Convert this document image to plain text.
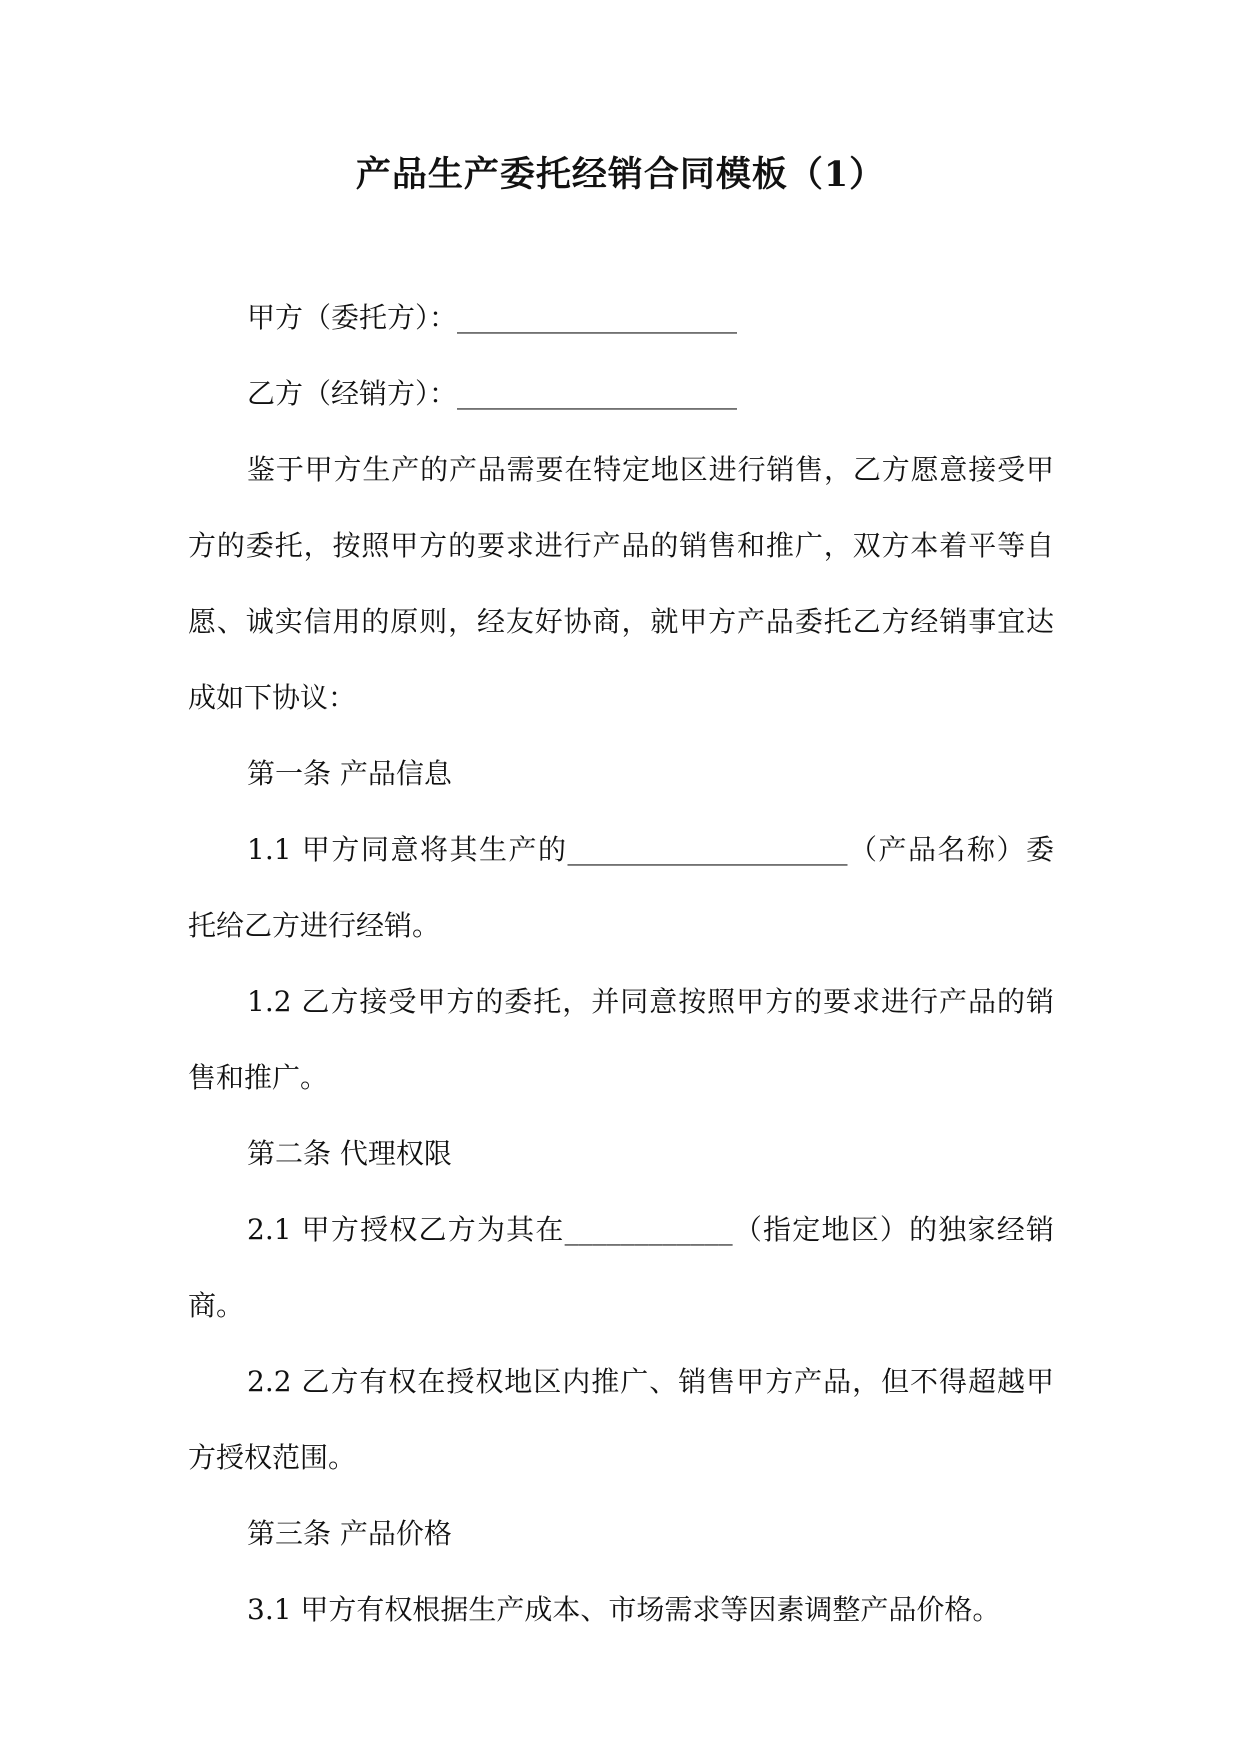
产品生产委托经销合同模板（1）

甲方（委托方）：____________________

乙方（经销方）：____________________

鉴于甲方生产的产品需要在特定地区进行销售，乙方愿意接受甲方的委托，按照甲方的要求进行产品的销售和推广，双方本着平等自愿、诚实信用的原则，经友好协商，就甲方产品委托乙方经销事宜达成如下协议：

第一条 产品信息

1.1 甲方同意将其生产的____________________（产品名称）委托给乙方进行经销。

1.2 乙方接受甲方的委托，并同意按照甲方的要求进行产品的销售和推广。

第二条 代理权限

2.1 甲方授权乙方为其在____________（指定地区）的独家经销商。

2.2 乙方有权在授权地区内推广、销售甲方产品，但不得超越甲方授权范围。

第三条 产品价格

3.1 甲方有权根据生产成本、市场需求等因素调整产品价格。
